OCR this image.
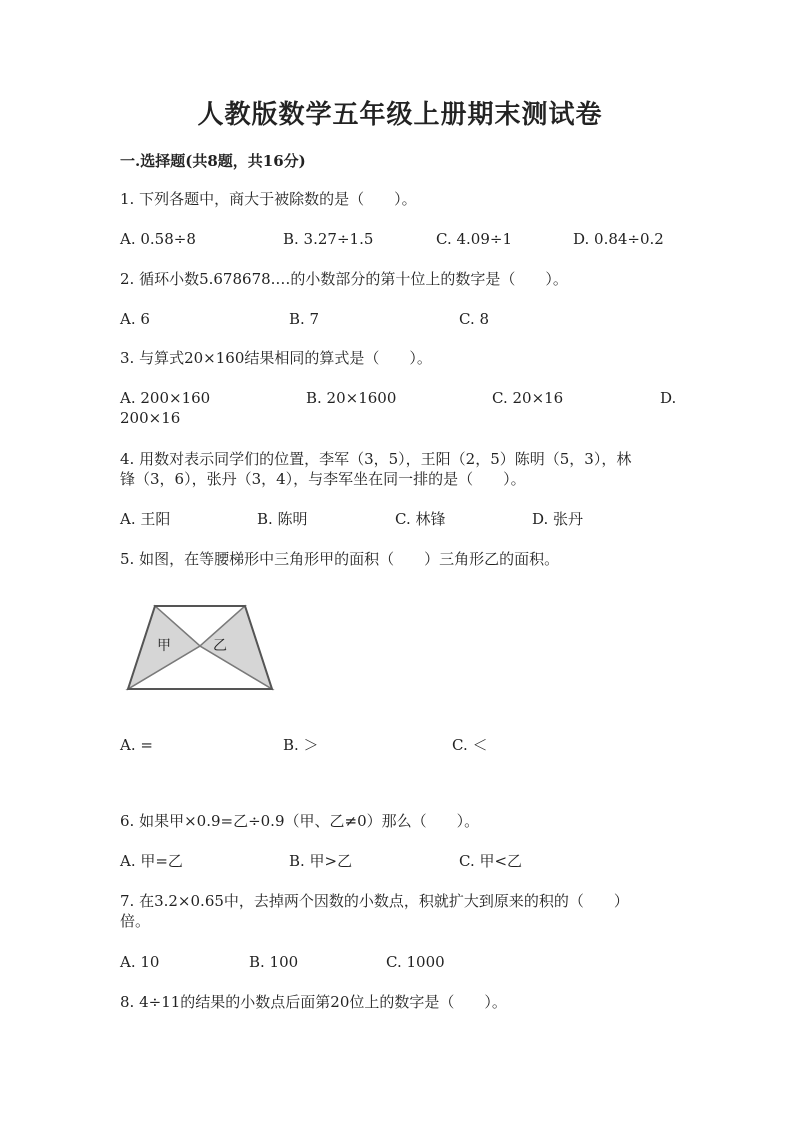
人教版数学五年级上册期末测试卷
一.选择题(共8题，共16分)
1. 下列各题中，商大于被除数的是（　　）。
A. 0.58÷8	B. 3.27÷1.5	C. 4.09÷1	D. 0.84÷0.2
2. 循环小数5.678678.…的小数部分的第十位上的数字是（　　）。
A. 6	B. 7	C. 8
3. 与算式20×160结果相同的算式是（　　）。
A. 200×160	B. 20×1600	C. 20×16	D.
200×16
4. 用数对表示同学们的位置，李军（3，5），王阳（2，5）陈明（5，3），林
锋（3，6），张丹（3，4），与李军坐在同一排的是（　　）。
A. 王阳	B. 陈明	C. 林锋	D. 张丹
5. 如图，在等腰梯形中三角形甲的面积（　　）三角形乙的面积。
甲	乙
A. =	B. ＞	C. ＜
6. 如果甲×0.9=乙÷0.9（甲、乙≠0）那么（　　）。
A. 甲=乙	B. 甲>乙	C. 甲<乙
7. 在3.2×0.65中，去掉两个因数的小数点，积就扩大到原来的积的（　　）
倍。
A. 10	B. 100	C. 1000
8. 4÷11的结果的小数点后面第20位上的数字是（　　）。
